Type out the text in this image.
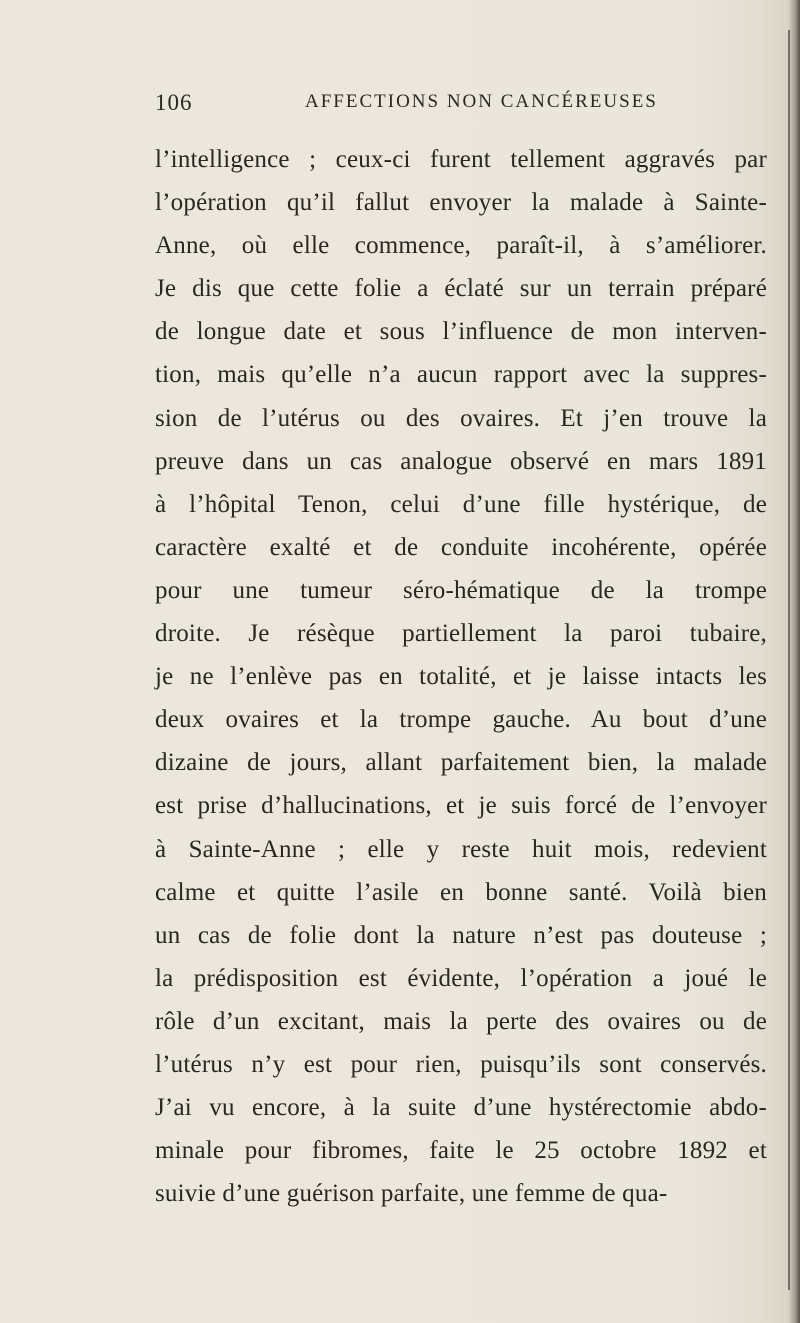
106	AFFECTIONS NON CANCÉREUSES
l’intelligence ; ceux-ci furent tellement aggravés par
l’opération qu’il fallut envoyer la malade à Sainte-
Anne, où elle commence, paraît-il, à s’améliorer.
Je dis que cette folie a éclaté sur un terrain préparé
de longue date et sous l’influence de mon interven-
tion, mais qu’elle n’a aucun rapport avec la suppres-
sion de l’utérus ou des ovaires. Et j’en trouve la
preuve dans un cas analogue observé en mars 1891
à l’hôpital Tenon, celui d’une fille hystérique, de
caractère exalté et de conduite incohérente, opérée
pour une tumeur séro-hématique de la trompe
droite. Je résèque partiellement la paroi tubaire,
je ne l’enlève pas en totalité, et je laisse intacts les
deux ovaires et la trompe gauche. Au bout d’une
dizaine de jours, allant parfaitement bien, la malade
est prise d’hallucinations, et je suis forcé de l’envoyer
à Sainte-Anne ; elle y reste huit mois, redevient
calme et quitte l’asile en bonne santé. Voilà bien
un cas de folie dont la nature n’est pas douteuse ;
la prédisposition est évidente, l’opération a joué le
rôle d’un excitant, mais la perte des ovaires ou de
l’utérus n’y est pour rien, puisqu’ils sont conservés.
J’ai vu encore, à la suite d’une hystérectomie abdo-
minale pour fibromes, faite le 25 octobre 1892 et
suivie d’une guérison parfaite, une femme de qua-
